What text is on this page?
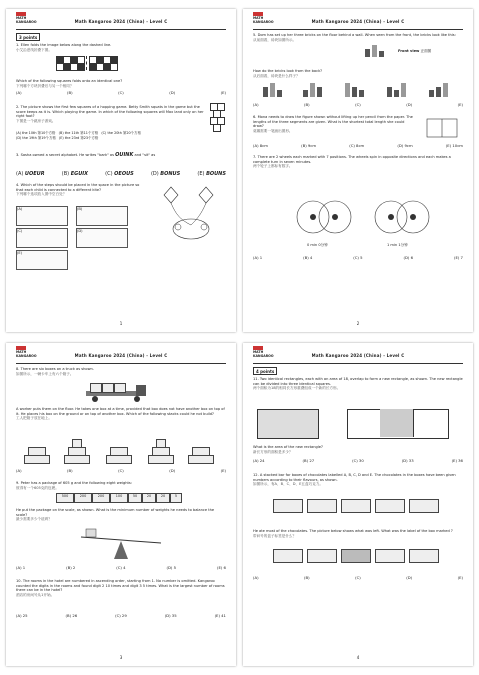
MATH KANGAROO	Math Kangaroo 2024 (China) - Level C
3 points
1. Ellen folds the image below along the dashed line.
小艾沿虚线折叠下图。
Which of the following squares folds onto an identical one?
下列哪个方块折叠后与另一个相同？
(A)	(B)	(C)	(D)	(E)
2. The picture shows the first few squares of a hopping game. Betty Smith squats in the game but the score keeps as it is. Which playing the game. In which of the following squares will Max land only on her right foot?
下图是一个跳房子游戏。
(A) the 10th 第10个方格 (B) the 11th 第11个方格 (C) the 20th 第20个方格
(D) the 19th 第19个方格 (E) the 23rd 第23个方格
3. Sasha owned a secret alphabet. He writes "bark" as OUINK and "sit" as
(A) UOEUR	(B) EGUIX	(C) OEOUS	(D) BONUS	(E) BOUNS
4. Which of the steps should be placed in the space in the picture so that each child is connected to a different kite?
下列哪个选项放入图中空白处？
(A)	(B)
(C)	(D)
(E)
1
MATH KANGAROO	Math Kangaroo 2024 (China) - Level C
5. Dom has set up her three bricks on the floor behind a wall. When seen from the front, the bricks look like this:
从前面看，砖块如图所示。
Front view 正面图
How do the bricks look from the back?
从后面看，砖块是什么样子？
(A)	(B)	(C)	(D)	(E)
6. Mona needs to draw the figure shown without lifting up her pencil from the paper. The lengths of the three segments are given. What is the shortest total length she could draw?
莫娜需要一笔画出图形。
(A) 8cm	(B) 9cm	(C) 8cm	(D) 9cm	(E) 10cm
7. There are 2 wheels each marked with 7 positions. The wheels spin in opposite directions and each makes a complete turn in seven minutes.
两个轮子上都标有数字。
0 min 0分钟	1 min 1分钟
(A) 1	(B) 4	(C) 5	(D) 6	(E) 7
2
MATH KANGAROO	Math Kangaroo 2024 (China) - Level C
8. There are six boxes on a truck as shown.
如图所示，一辆卡车上有六个箱子。
A worker puts them on the floor. He takes one box at a time, provided that box does not have another box on top of it. He places his box on the ground or on top of another box. Which of the following stacks could he not build?
工人把箱子放在地上。
(A)	(B)	(C)	(D)	(E)
9. Peter has a package of 605 g and the following eight weights:
彼得有一个605克的包裹。
500	200	200	100	50	20	20	5
He put the package on the scale, as shown. What is the minimum number of weights he needs to balance the scale?
最少需要多少个砝码？
(A) 1	(B) 2	(C) 4	(D) 5	(E) 6
10. The rooms in the hotel are numbered in ascending order, starting from 1. No number is omitted. Kangaroo counted the digits in the rooms and found digit 2 10 times and digit 3 5 times. What is the largest number of rooms there can be in the hotel?
酒店的房间号从1开始。
(A) 25	(B) 26	(C) 29	(D) 35	(E) 41
3
MATH KANGAROO	Math Kangaroo 2024 (China) - Level C
4 points
11. Two identical rectangles, each with an area of 18, overlap to form a new rectangle, as shown. The new rectangle can be divided into three identical squares.
两个面积为18的相同长方形重叠组成一个新的长方形。
What is the area of the new rectangle?
新长方形的面积是多少？
(A) 24	(B) 27	(C) 30	(D) 33	(E) 36
12. A stacked bar for boxes of chocolates labelled A, B, C, D and E. The chocolates in the boxes have been given numbers according to their flavours, as shown.
如图所示，有A、B、C、D、E五盒巧克力。
He ate most of the chocolates. The picture below shows what was left. What was the label of the box marked ?
带问号的盒子标签是什么？
(A)	(B)	(C)	(D)	(E)
4
